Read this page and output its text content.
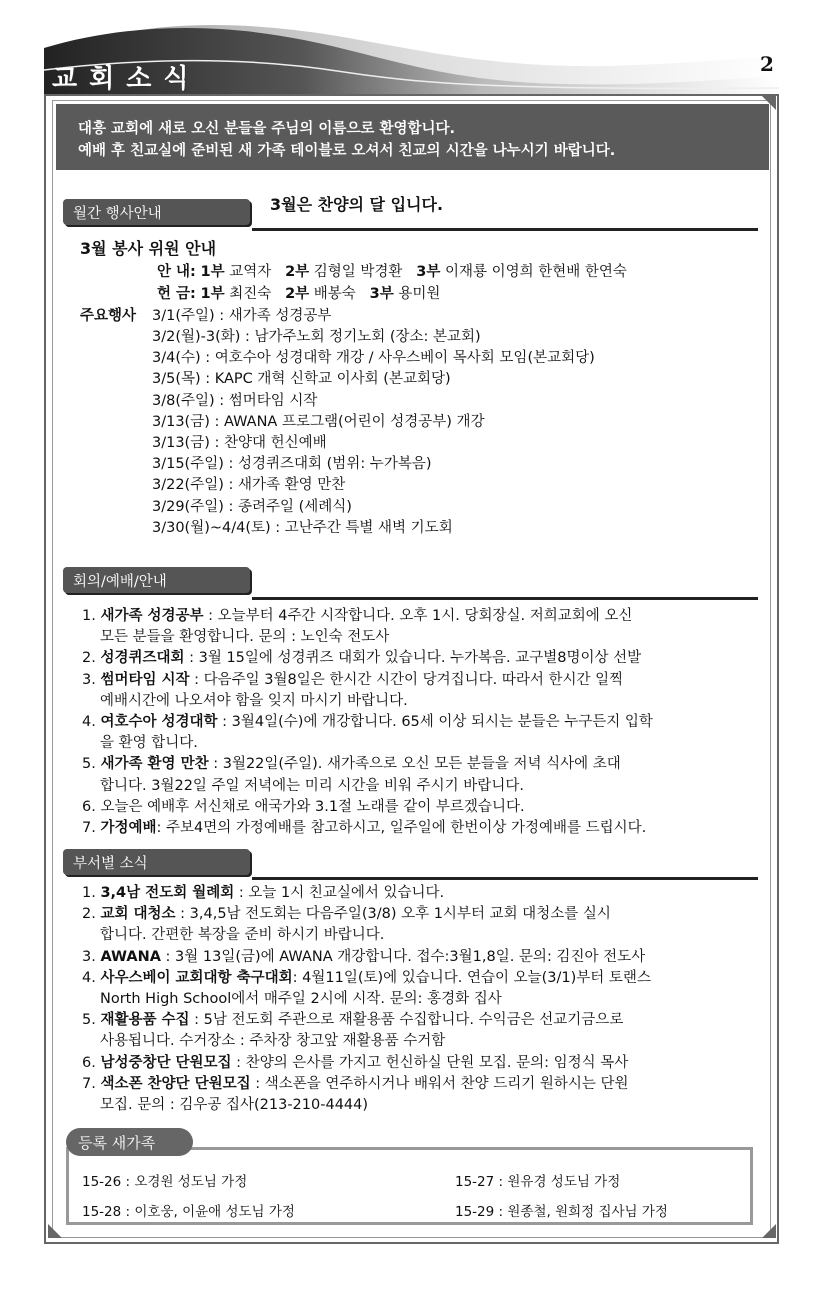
교회소식	2
대흥 교회에 새로 오신 분들을 주님의 이름으로 환영합니다.
예배 후 친교실에 준비된 새 가족 테이블로 오셔서 친교의 시간을 나누시기 바랍니다.
월간 행사안내	3월은 찬양의 달 입니다.
3월 봉사 위원 안내
안 내: 1부 교역자 2부 김형일 박경환 3부 이재룡 이영희 한현배 한연숙
헌 금: 1부 최진숙 2부 배봉숙 3부 용미원
주요행사 3/1(주일) : 새가족 성경공부
3/2(월)-3(화) : 남가주노회 정기노회 (장소: 본교회)
3/4(수) : 여호수아 성경대학 개강 / 사우스베이 목사회 모임(본교회당)
3/5(목) : KAPC 개혁 신학교 이사회 (본교회당)
3/8(주일) : 썸머타임 시작
3/13(금) : AWANA 프로그램(어린이 성경공부) 개강
3/13(금) : 찬양대 헌신예배
3/15(주일) : 성경퀴즈대회 (범위: 누가복음)
3/22(주일) : 새가족 환영 만찬
3/29(주일) : 종려주일 (세례식)
3/30(월)~4/4(토) : 고난주간 특별 새벽 기도회
회의/예배/안내
1. 새가족 성경공부 : 오늘부터 4주간 시작합니다. 오후 1시. 당회장실. 저희교회에 오신
모든 분들을 환영합니다. 문의 : 노인숙 전도사
2. 성경퀴즈대회 : 3월 15일에 성경퀴즈 대회가 있습니다. 누가복음. 교구별8명이상 선발
3. 썸머타임 시작 : 다음주일 3월8일은 한시간 시간이 당겨집니다. 따라서 한시간 일찍
예배시간에 나오셔야 함을 잊지 마시기 바랍니다.
4. 여호수아 성경대학 : 3월4일(수)에 개강합니다. 65세 이상 되시는 분들은 누구든지 입학
을 환영 합니다.
5. 새가족 환영 만찬 : 3월22일(주일). 새가족으로 오신 모든 분들을 저녁 식사에 초대
합니다. 3월22일 주일 저녁에는 미리 시간을 비워 주시기 바랍니다.
6. 오늘은 예배후 서신채로 애국가와 3.1절 노래를 같이 부르겠습니다.
7. 가정예배: 주보4면의 가정예배를 참고하시고, 일주일에 한번이상 가정예배를 드립시다.
부서별 소식
1. 3,4남 전도회 월례회 : 오늘 1시 친교실에서 있습니다.
2. 교회 대청소 : 3,4,5남 전도회는 다음주일(3/8) 오후 1시부터 교회 대청소를 실시
합니다. 간편한 복장을 준비 하시기 바랍니다.
3. AWANA : 3월 13일(금)에 AWANA 개강합니다. 접수:3월1,8일. 문의: 김진아 전도사
4. 사우스베이 교회대항 축구대회: 4월11일(토)에 있습니다. 연습이 오늘(3/1)부터 토랜스
North High School에서 매주일 2시에 시작. 문의: 홍경화 집사
5. 재활용품 수집 : 5남 전도회 주관으로 재활용품 수집합니다. 수익금은 선교기금으로
사용됩니다. 수거장소 : 주차장 창고앞 재활용품 수거함
6. 남성중창단 단원모집 : 찬양의 은사를 가지고 헌신하실 단원 모집. 문의: 임정식 목사
7. 색소폰 찬양단 단원모집 : 색소폰을 연주하시거나 배워서 찬양 드리기 원하시는 단원
모집. 문의 : 김우공 집사(213-210-4444)
등록 새가족
15-26 : 오경원 성도님 가정	15-27 : 원유경 성도님 가정
15-28 : 이호웅, 이윤애 성도님 가정	15-29 : 원종철, 원희정 집사님 가정
